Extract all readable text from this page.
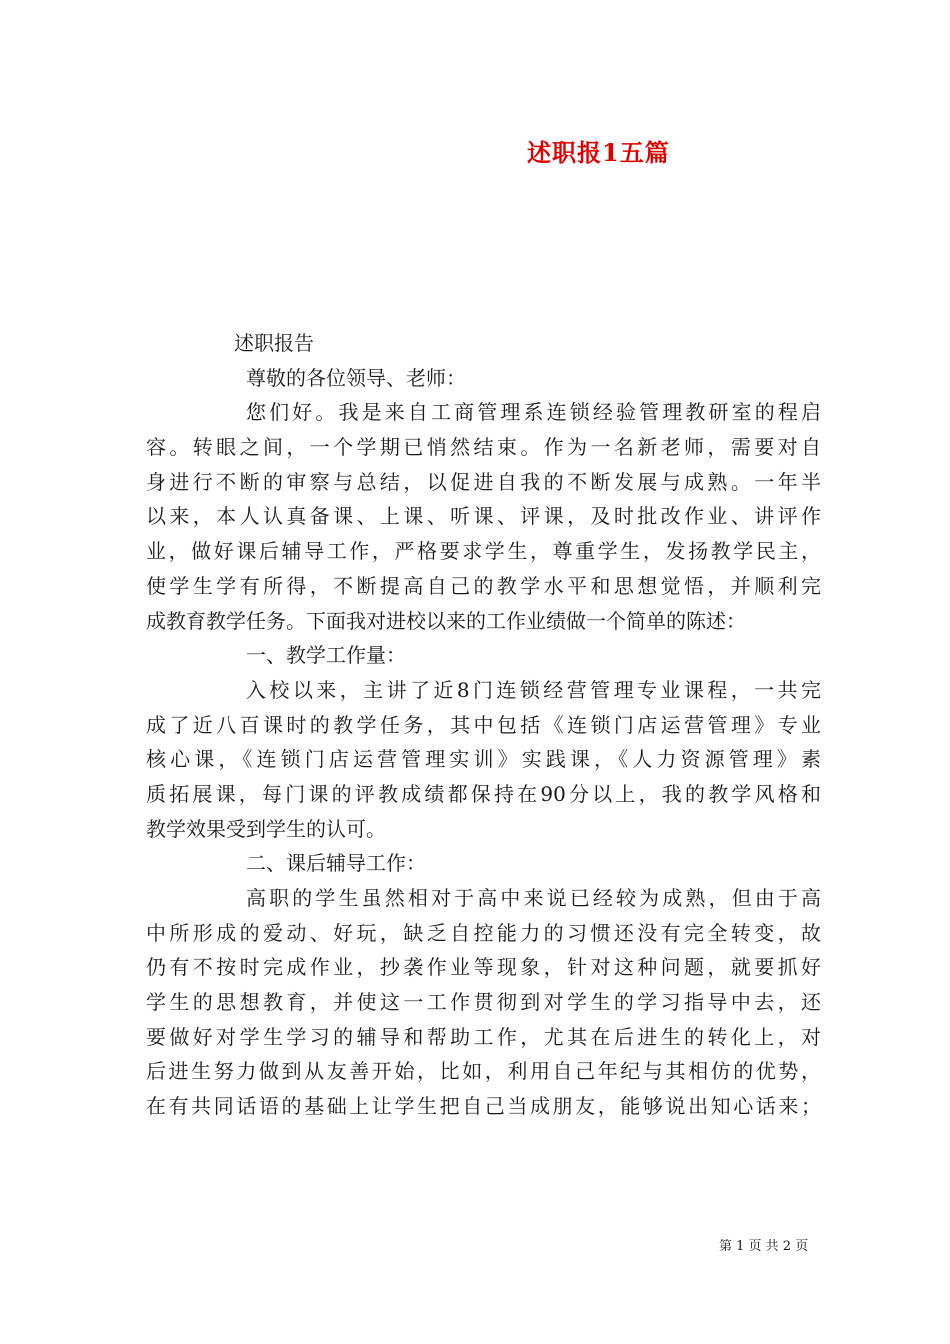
述职报1五篇
述职报告
尊敬的各位领导、老师：
您们好。我是来自工商管理系连锁经验管理教研室的程启
容。转眼之间，一个学期已悄然结束。作为一名新老师，需要对自
身进行不断的审察与总结，以促进自我的不断发展与成熟。一年半
以来，本人认真备课、上课、听课、评课，及时批改作业、讲评作
业，做好课后辅导工作，严格要求学生，尊重学生，发扬教学民主，
使学生学有所得，不断提高自己的教学水平和思想觉悟，并顺利完
成教育教学任务。下面我对进校以来的工作业绩做一个简单的陈述：
一、教学工作量：
入校以来，主讲了近8门连锁经营管理专业课程，一共完
成了近八百课时的教学任务，其中包括《连锁门店运营管理》专业
核心课，《连锁门店运营管理实训》实践课，《人力资源管理》素
质拓展课，每门课的评教成绩都保持在90分以上，我的教学风格和
教学效果受到学生的认可。
二、课后辅导工作：
高职的学生虽然相对于高中来说已经较为成熟，但由于高
中所形成的爱动、好玩，缺乏自控能力的习惯还没有完全转变，故
仍有不按时完成作业，抄袭作业等现象，针对这种问题，就要抓好
学生的思想教育，并使这一工作贯彻到对学生的学习指导中去，还
要做好对学生学习的辅导和帮助工作，尤其在后进生的转化上，对
后进生努力做到从友善开始，比如，利用自己年纪与其相仿的优势，
在有共同话语的基础上让学生把自己当成朋友，能够说出知心话来；
第 1 页 共 2 页
